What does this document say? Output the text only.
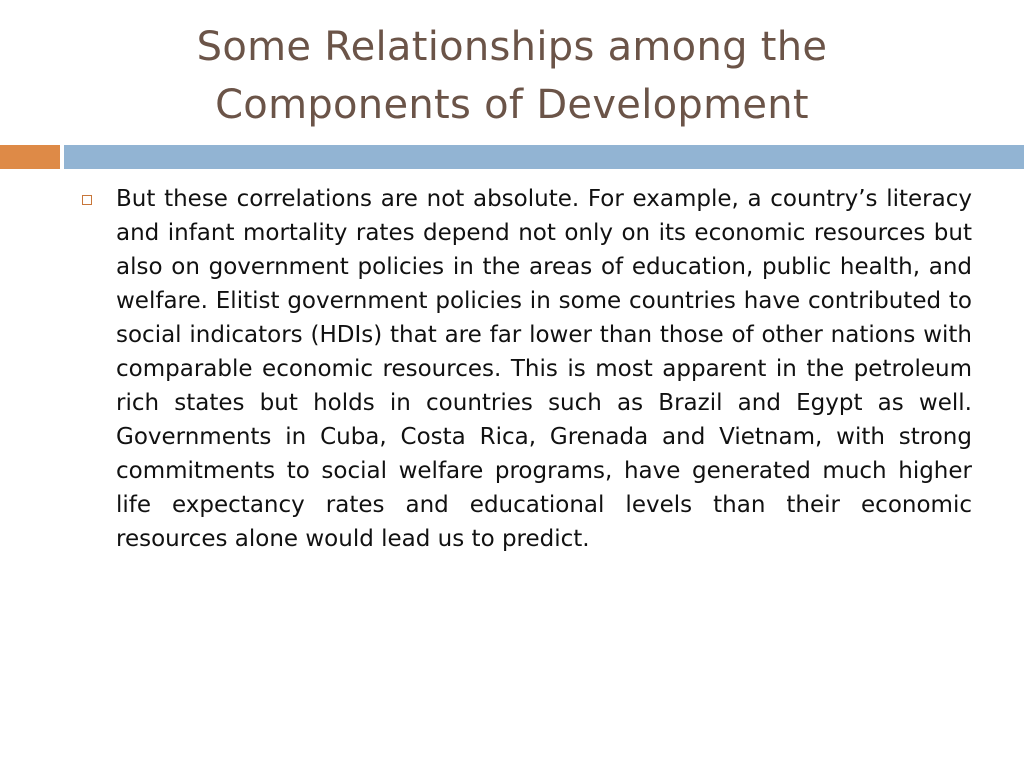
Some Relationships among the
Components of Development

But these correlations are not absolute. For example, a country’s literacy and infant mortality rates depend not only on its economic resources but also on government policies in the areas of education, public health, and welfare. Elitist government policies in some countries have contributed to social indicators (HDIs) that are far lower than those of other nations with comparable economic resources. This is most apparent in the petroleum rich states but holds in countries such as Brazil and Egypt as well. Governments in Cuba, Costa Rica, Grenada and Vietnam, with strong commitments to social welfare programs, have generated much higher life expectancy rates and educational levels than their economic resources alone would lead us to predict.
